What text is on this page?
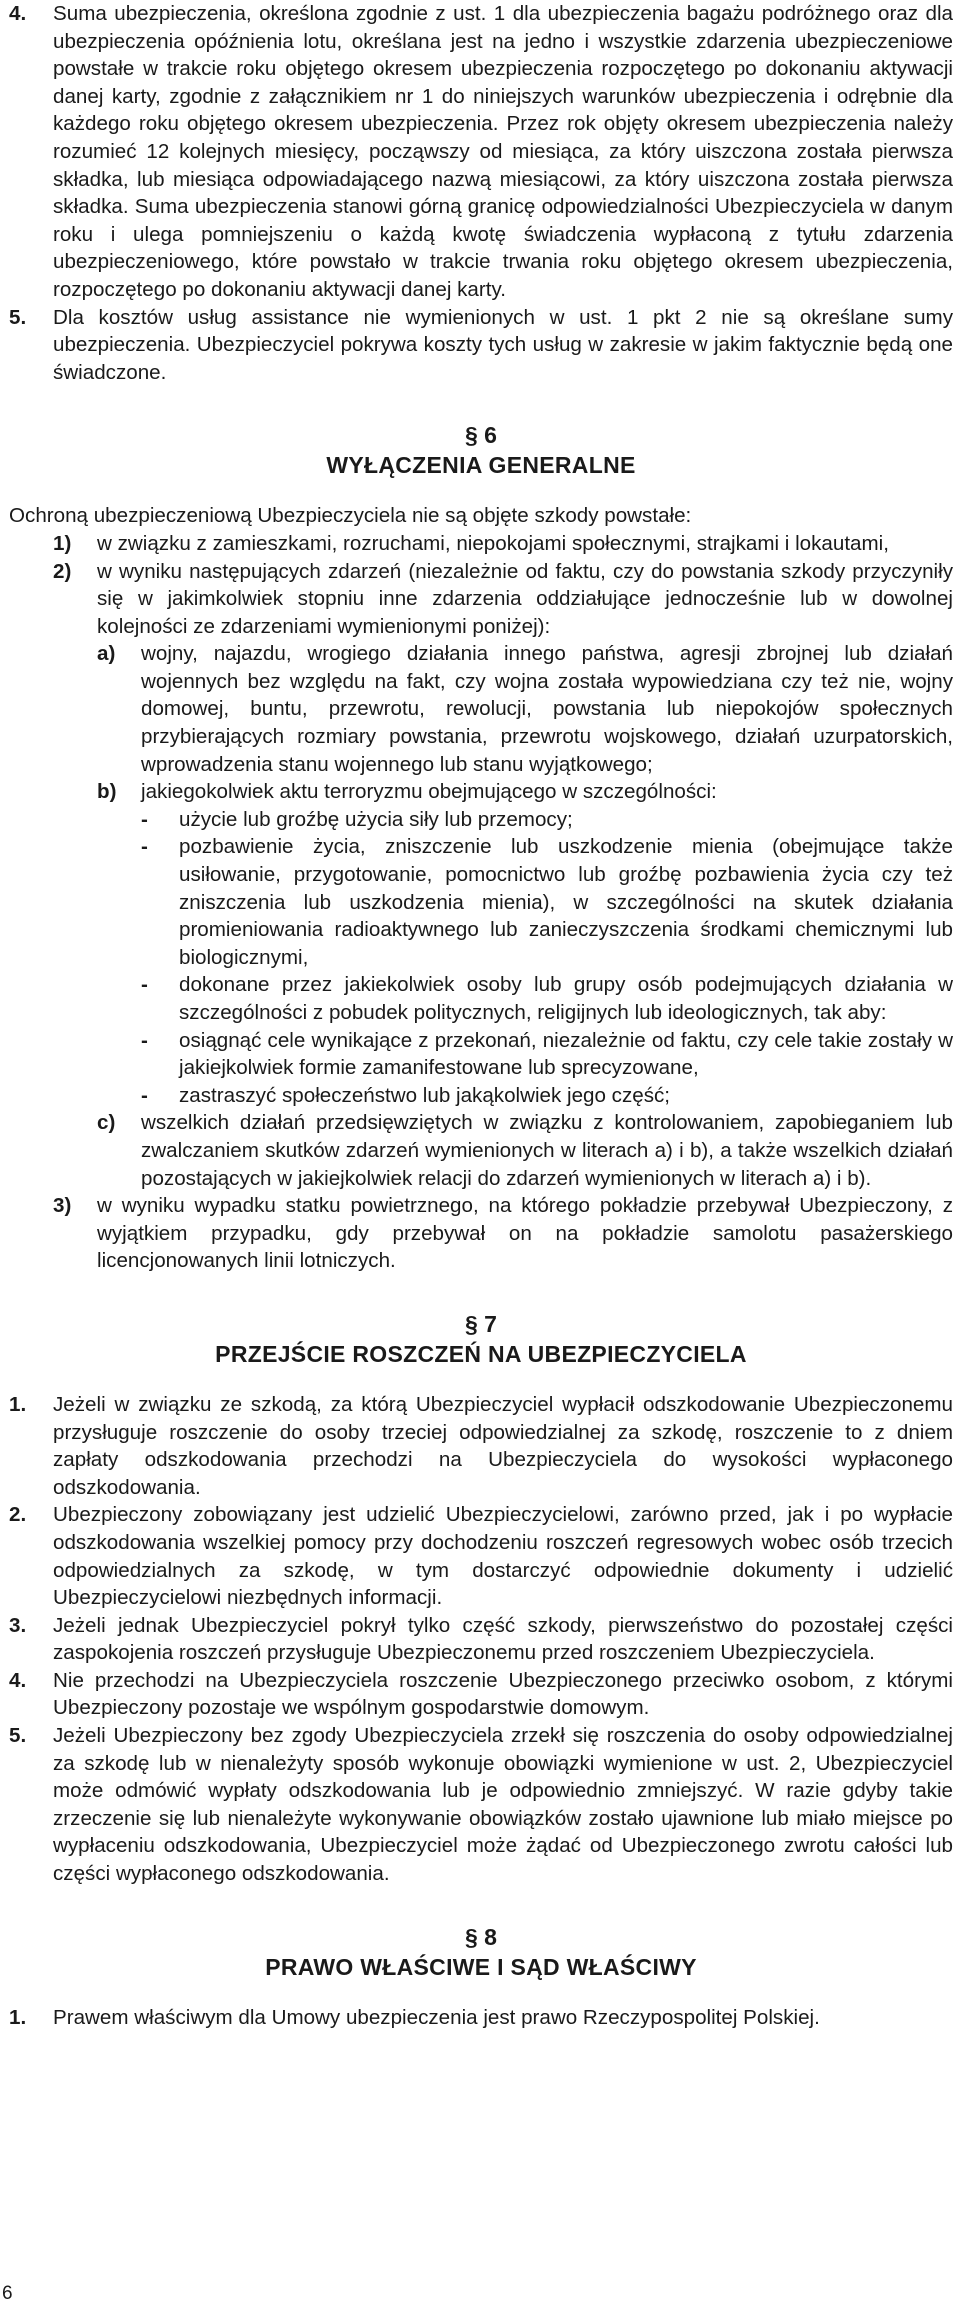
4. Suma ubezpieczenia, określona zgodnie z ust. 1 dla ubezpieczenia bagażu podróżnego oraz dla ubezpieczenia opóźnienia lotu, określana jest na jedno i wszystkie zdarzenia ubezpieczeniowe powstałe w trakcie roku objętego okresem ubezpieczenia rozpoczętego po dokonaniu aktywacji danej karty, zgodnie z załącznikiem nr 1 do niniejszych warunków ubezpieczenia i odrębnie dla każdego roku objętego okresem ubezpieczenia. Przez rok objęty okresem ubezpieczenia należy rozumieć 12 kolejnych miesięcy, począwszy od miesiąca, za który uiszczona została pierwsza składka, lub miesiąca odpowiadającego nazwą miesiącowi, za który uiszczona została pierwsza składka. Suma ubezpieczenia stanowi górną granicę odpowiedzialności Ubezpieczyciela w danym roku i ulega pomniejszeniu o każdą kwotę świadczenia wypłaconą z tytułu zdarzenia ubezpieczeniowego, które powstało w trakcie trwania roku objętego okresem ubezpieczenia, rozpoczętego po dokonaniu aktywacji danej karty.
5. Dla kosztów usług assistance nie wymienionych w ust. 1 pkt 2 nie są określane sumy ubezpieczenia. Ubezpieczyciel pokrywa koszty tych usług w zakresie w jakim faktycznie będą one świadczone.
§ 6
WYŁĄCZENIA GENERALNE
Ochroną ubezpieczeniową Ubezpieczyciela nie są objęte szkody powstałe:
1) w związku z zamieszkami, rozruchami, niepokojami społecznymi, strajkami i lokautami,
2) w wyniku następujących zdarzeń (niezależnie od faktu, czy do powstania szkody przyczyniły się w jakimkolwiek stopniu inne zdarzenia oddziałujące jednocześnie lub w dowolnej kolejności ze zdarzeniami wymienionymi poniżej):
a) wojny, najazdu, wrogiego działania innego państwa, agresji zbrojnej lub działań wojennych bez względu na fakt, czy wojna została wypowiedziana czy też nie, wojny domowej, buntu, przewrotu, rewolucji, powstania lub niepokojów społecznych przybierających rozmiary powstania, przewrotu wojskowego, działań uzurpatorskich, wprowadzenia stanu wojennego lub stanu wyjątkowego;
b) jakiegokolwiek aktu terroryzmu obejmującego w szczególności:
- użycie lub groźbę użycia siły lub przemocy;
- pozbawienie życia, zniszczenie lub uszkodzenie mienia (obejmujące także usiłowanie, przygotowanie, pomocnictwo lub groźbę pozbawienia życia czy też zniszczenia lub uszkodzenia mienia), w szczególności na skutek działania promieniowania radioaktywnego lub zanieczyszczenia środkami chemicznymi lub biologicznymi,
- dokonane przez jakiekolwiek osoby lub grupy osób podejmujących działania w szczególności z pobudek politycznych, religijnych lub ideologicznych, tak aby:
- osiągnąć cele wynikające z przekonań, niezależnie od faktu, czy cele takie zostały w jakiejkolwiek formie zamanifestowane lub sprecyzowane,
- zastraszyć społeczeństwo lub jakąkolwiek jego część;
c) wszelkich działań przedsięwziętych w związku z kontrolowaniem, zapobieganiem lub zwalczaniem skutków zdarzeń wymienionych w literach a) i b), a także wszelkich działań pozostających w jakiejkolwiek relacji do zdarzeń wymienionych w literach a) i b).
3) w wyniku wypadku statku powietrznego, na którego pokładzie przebywał Ubezpieczony, z wyjątkiem przypadku, gdy przebywał on na pokładzie samolotu pasażerskiego licencjonowanych linii lotniczych.
§ 7
PRZEJŚCIE ROSZCZEŃ NA UBEZPIECZYCIELA
1. Jeżeli w związku ze szkodą, za którą Ubezpieczyciel wypłacił odszkodowanie Ubezpieczonemu przysługuje roszczenie do osoby trzeciej odpowiedzialnej za szkodę, roszczenie to z dniem zapłaty odszkodowania przechodzi na Ubezpieczyciela do wysokości wypłaconego odszkodowania.
2. Ubezpieczony zobowiązany jest udzielić Ubezpieczycielowi, zarówno przed, jak i po wypłacie odszkodowania wszelkiej pomocy przy dochodzeniu roszczeń regresowych wobec osób trzecich odpowiedzialnych za szkodę, w tym dostarczyć odpowiednie dokumenty i udzielić Ubezpieczycielowi niezbędnych informacji.
3. Jeżeli jednak Ubezpieczyciel pokrył tylko część szkody, pierwszeństwo do pozostałej części zaspokojenia roszczeń przysługuje Ubezpieczonemu przed roszczeniem Ubezpieczyciela.
4. Nie przechodzi na Ubezpieczyciela roszczenie Ubezpieczonego przeciwko osobom, z którymi Ubezpieczony pozostaje we wspólnym gospodarstwie domowym.
5. Jeżeli Ubezpieczony bez zgody Ubezpieczyciela zrzekł się roszczenia do osoby odpowiedzialnej za szkodę lub w nienależyty sposób wykonuje obowiązki wymienione w ust. 2, Ubezpieczyciel może odmówić wypłaty odszkodowania lub je odpowiednio zmniejszyć. W razie gdyby takie zrzeczenie się lub nienależyte wykonywanie obowiązków zostało ujawnione lub miało miejsce po wypłaceniu odszkodowania, Ubezpieczyciel może żądać od Ubezpieczonego zwrotu całości lub części wypłaconego odszkodowania.
§ 8
PRAWO WŁAŚCIWE I SĄD WŁAŚCIWY
1. Prawem właściwym dla Umowy ubezpieczenia jest prawo Rzeczypospolitej Polskiej.
6
